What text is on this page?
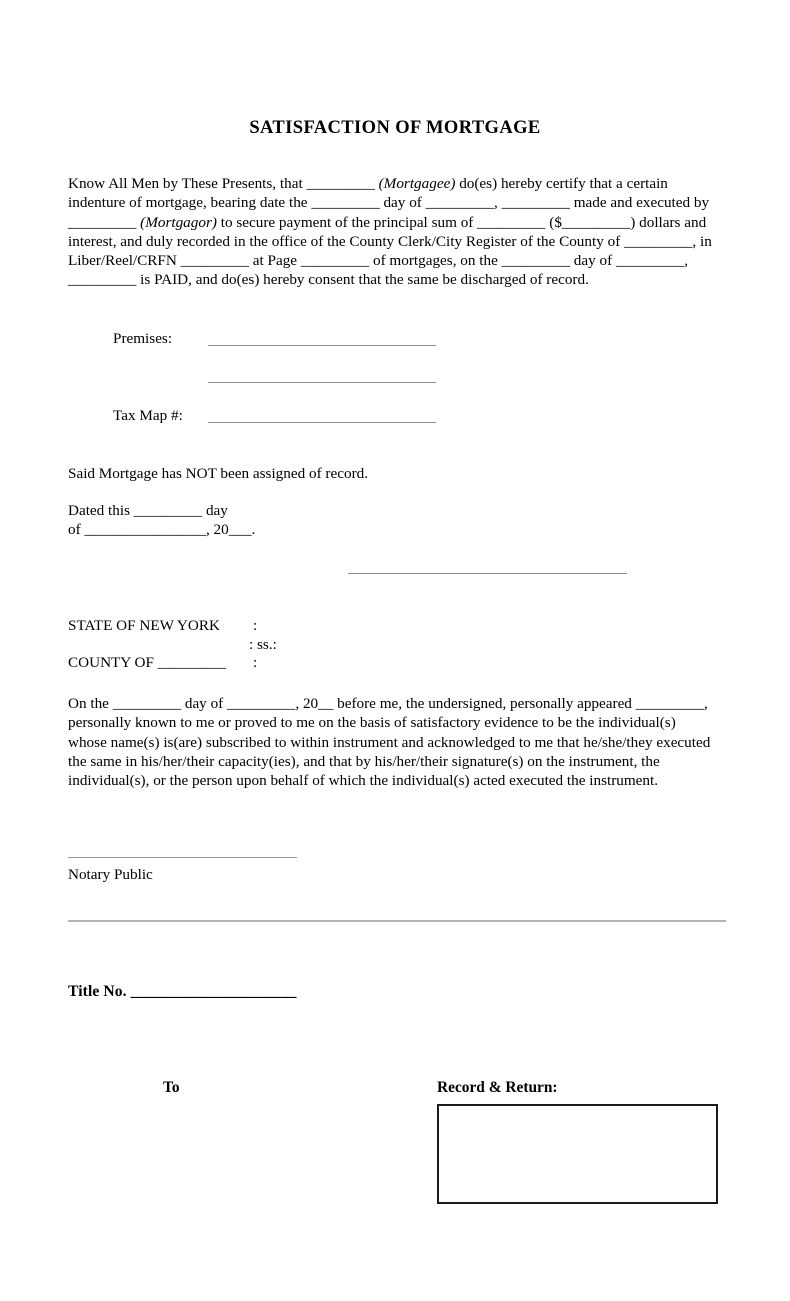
SATISFACTION OF MORTGAGE
Know All Men by These Presents, that _________ (Mortgagee) do(es) hereby certify that a certain indenture of mortgage, bearing date the _________ day of _________, _________ made and executed by _________ (Mortgagor) to secure payment of the principal sum of _________ ($_________) dollars and interest, and duly recorded in the office of the County Clerk/City Register of the County of _________, in Liber/Reel/CRFN _________ at Page _________ of mortgages, on the _________ day of _________, _________ is PAID, and do(es) hereby consent that the same be discharged of record.
Premises:
Tax Map #:
Said Mortgage has NOT been assigned of record.
Dated this _________ day
of ________________, 20___.
STATE OF NEW YORK :
: ss.:
COUNTY OF _________ :
On the _________ day of _________, 20__ before me, the undersigned, personally appeared _________, personally known to me or proved to me on the basis of satisfactory evidence to be the individual(s) whose name(s) is(are) subscribed to within instrument and acknowledged to me that he/she/they executed the same in his/her/their capacity(ies), and that by his/her/their signature(s) on the instrument, the individual(s), or the person upon behalf of which the individual(s) acted executed the instrument.
Notary Public
Title No. _____________________
To	Record & Return:
